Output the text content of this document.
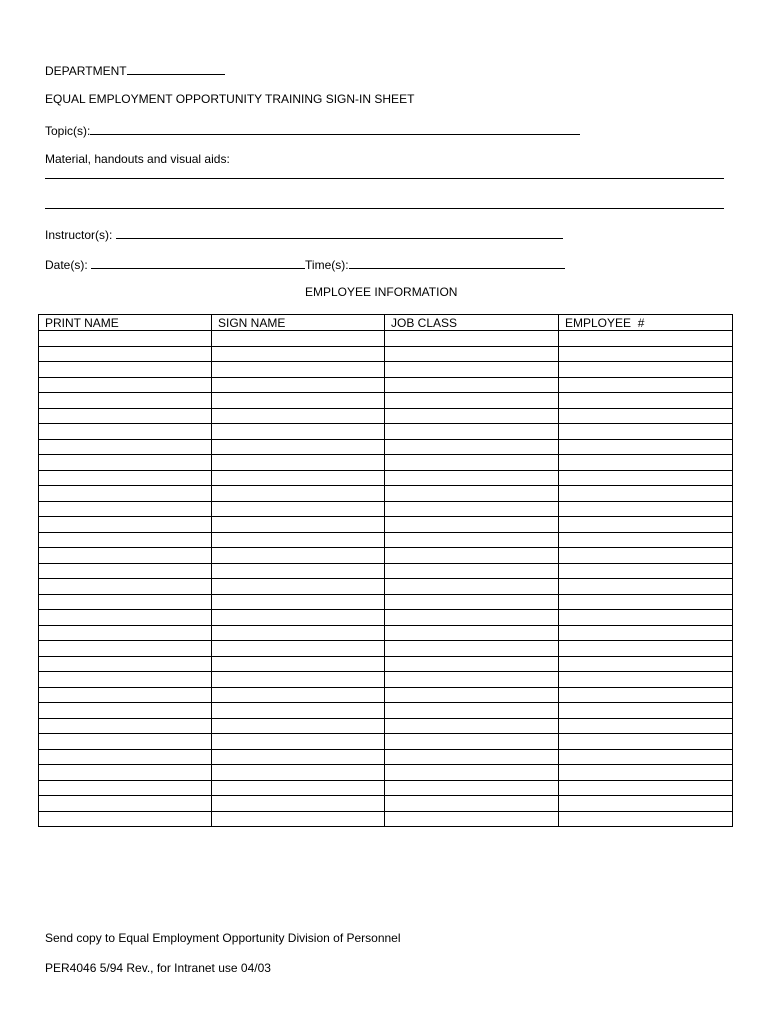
DEPARTMENT
EQUAL EMPLOYMENT OPPORTUNITY TRAINING SIGN-IN SHEET
Topic(s):
Material, handouts and visual aids:
Instructor(s):
Date(s):	Time(s):
EMPLOYEE INFORMATION
PRINT NAME	SIGN NAME	JOB CLASS	EMPLOYEE  #

Send copy to Equal Employment Opportunity Division of Personnel
PER4046 5/94 Rev., for Intranet use 04/03
